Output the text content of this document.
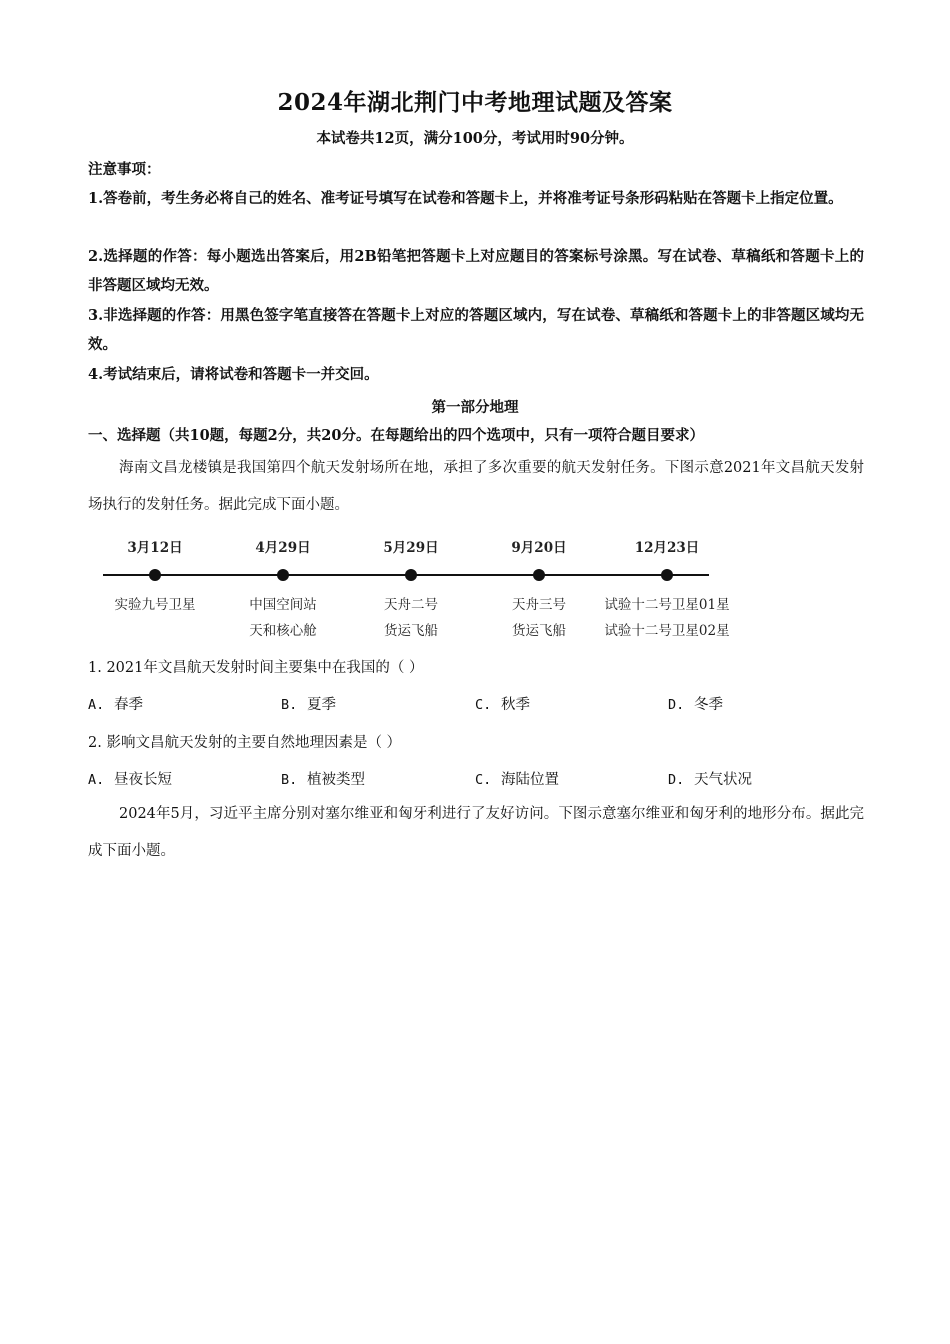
2024年湖北荆门中考地理试题及答案
本试卷共12页，满分100分，考试用时90分钟。
注意事项：
1.答卷前，考生务必将自己的姓名、准考证号填写在试卷和答题卡上，并将准考证号条形码粘贴在答题卡上指定位置。
2.选择题的作答：每小题选出答案后，用2B铅笔把答题卡上对应题目的答案标号涂黑。写在试卷、草稿纸和答题卡上的非答题区域均无效。
3.非选择题的作答：用黑色签字笔直接答在答题卡上对应的答题区域内，写在试卷、草稿纸和答题卡上的非答题区域均无效。
4.考试结束后，请将试卷和答题卡一并交回。
第一部分地理
一、选择题（共10题，每题2分，共20分。在每题给出的四个选项中，只有一项符合题目要求）
海南文昌龙楼镇是我国第四个航天发射场所在地，承担了多次重要的航天发射任务。下图示意2021年文昌航天发射场执行的发射任务。据此完成下面小题。
3月12日
实验九号卫星
4月29日
中国空间站
天和核心舱
5月29日
天舟二号
货运飞船
9月20日
天舟三号
货运飞船
12月23日
试验十二号卫星01星
试验十二号卫星02星
1. 2021年文昌航天发射时间主要集中在我国的（ ）
A. 春季	B. 夏季	C. 秋季	D. 冬季
2. 影响文昌航天发射的主要自然地理因素是（ ）
A. 昼夜长短	B. 植被类型	C. 海陆位置	D. 天气状况
2024年5月，习近平主席分别对塞尔维亚和匈牙利进行了友好访问。下图示意塞尔维亚和匈牙利的地形分布。据此完成下面小题。
